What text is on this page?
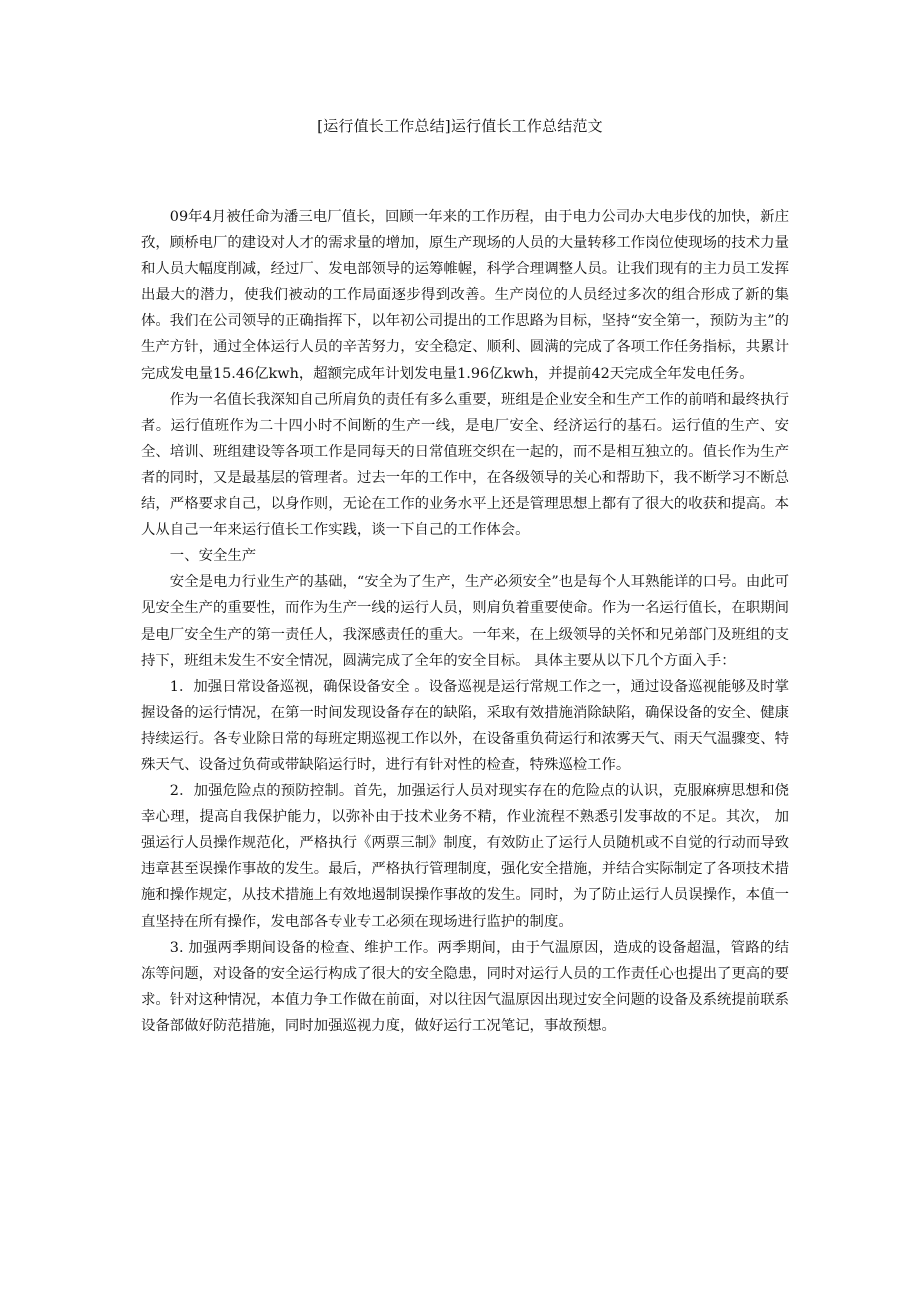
[运行值长工作总结]运行值长工作总结范文

09年4月被任命为潘三电厂值长，回顾一年来的工作历程，由于电力公司办大电步伐的加快，新庄孜，顾桥电厂的建设对人才的需求量的增加，原生产现场的人员的大量转移工作岗位使现场的技术力量和人员大幅度削减，经过厂、发电部领导的运筹帷幄，科学合理调整人员。让我们现有的主力员工发挥出最大的潜力，使我们被动的工作局面逐步得到改善。生产岗位的人员经过多次的组合形成了新的集体。我们在公司领导的正确指挥下，以年初公司提出的工作思路为目标，坚持“安全第一，预防为主”的生产方针，通过全体运行人员的辛苦努力，安全稳定、顺利、圆满的完成了各项工作任务指标，共累计完成发电量15.46亿kwh，超额完成年计划发电量1.96亿kwh，并提前42天完成全年发电任务。

作为一名值长我深知自己所肩负的责任有多么重要，班组是企业安全和生产工作的前哨和最终执行者。运行值班作为二十四小时不间断的生产一线，是电厂安全、经济运行的基石。运行值的生产、安全、培训、班组建设等各项工作是同每天的日常值班交织在一起的，而不是相互独立的。值长作为生产者的同时，又是最基层的管理者。过去一年的工作中，在各级领导的关心和帮助下，我不断学习不断总结，严格要求自己，以身作则，无论在工作的业务水平上还是管理思想上都有了很大的收获和提高。本人从自己一年来运行值长工作实践，谈一下自己的工作体会。

一、安全生产

安全是电力行业生产的基础，“安全为了生产，生产必须安全”也是每个人耳熟能详的口号。由此可见安全生产的重要性，而作为生产一线的运行人员，则肩负着重要使命。作为一名运行值长，在职期间是电厂安全生产的第一责任人，我深感责任的重大。一年来，在上级领导的关怀和兄弟部门及班组的支持下，班组未发生不安全情况，圆满完成了全年的安全目标。 具体主要从以下几个方面入手：

1．加强日常设备巡视，确保设备安全 。设备巡视是运行常规工作之一，通过设备巡视能够及时掌握设备的运行情况，在第一时间发现设备存在的缺陷，采取有效措施消除缺陷，确保设备的安全、健康持续运行。各专业除日常的每班定期巡视工作以外，在设备重负荷运行和浓雾天气、雨天气温骤变、特殊天气、设备过负荷或带缺陷运行时，进行有针对性的检查，特殊巡检工作。

2．加强危险点的预防控制。首先，加强运行人员对现实存在的危险点的认识，克服麻痹思想和侥幸心理，提高自我保护能力，以弥补由于技术业务不精，作业流程不熟悉引发事故的不足。其次， 加强运行人员操作规范化，严格执行《两票三制》制度，有效防止了运行人员随机或不自觉的行动而导致违章甚至误操作事故的发生。最后，严格执行管理制度，强化安全措施，并结合实际制定了各项技术措施和操作规定，从技术措施上有效地遏制误操作事故的发生。同时，为了防止运行人员误操作，本值一直坚持在所有操作，发电部各专业专工必须在现场进行监护的制度。

3. 加强两季期间设备的检查、维护工作。两季期间，由于气温原因，造成的设备超温，管路的结冻等问题，对设备的安全运行构成了很大的安全隐患，同时对运行人员的工作责任心也提出了更高的要求。针对这种情况，本值力争工作做在前面，对以往因气温原因出现过安全问题的设备及系统提前联系设备部做好防范措施，同时加强巡视力度，做好运行工况笔记，事故预想。
